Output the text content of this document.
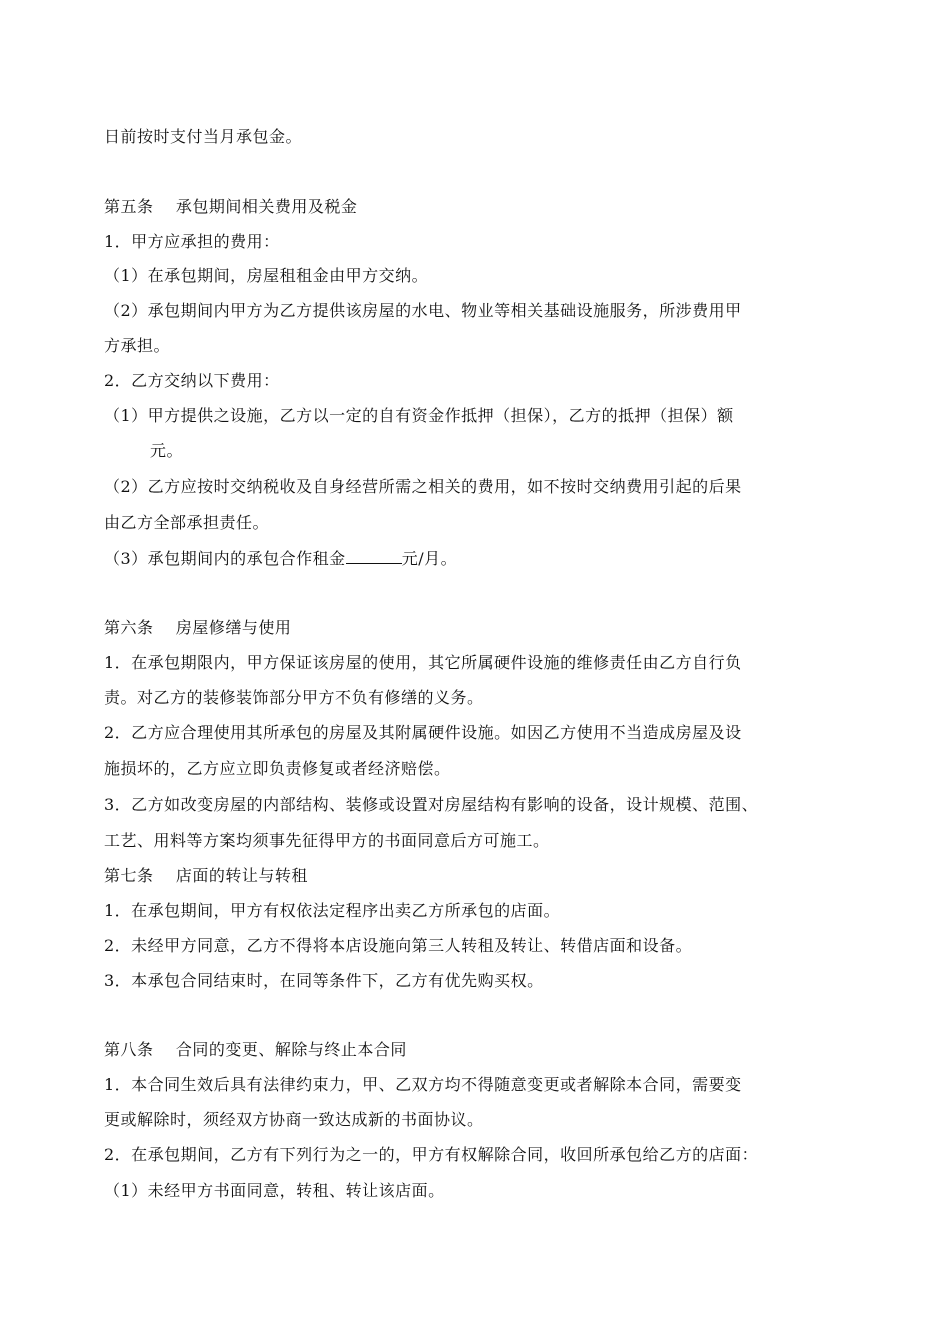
日前按时支付当月承包金。
第五条 承包期间相关费用及税金
1．甲方应承担的费用：
（1）在承包期间，房屋租租金由甲方交纳。
（2）承包期间内甲方为乙方提供该房屋的水电、物业等相关基础设施服务，所涉费用甲
方承担。
2．乙方交纳以下费用：
（1）甲方提供之设施，乙方以一定的自有资金作抵押（担保），乙方的抵押（担保）额
元。
（2）乙方应按时交纳税收及自身经营所需之相关的费用，如不按时交纳费用引起的后果
由乙方全部承担责任。
（3）承包期间内的承包合作租金	元/月。
第六条 房屋修缮与使用
1．在承包期限内，甲方保证该房屋的使用，其它所属硬件设施的维修责任由乙方自行负
责。对乙方的装修装饰部分甲方不负有修缮的义务。
2．乙方应合理使用其所承包的房屋及其附属硬件设施。如因乙方使用不当造成房屋及设
施损坏的，乙方应立即负责修复或者经济赔偿。
3．乙方如改变房屋的内部结构、装修或设置对房屋结构有影响的设备，设计规模、范围、
工艺、用料等方案均须事先征得甲方的书面同意后方可施工。
第七条 店面的转让与转租
1．在承包期间，甲方有权依法定程序出卖乙方所承包的店面。
2．未经甲方同意，乙方不得将本店设施向第三人转租及转让、转借店面和设备。
3．本承包合同结束时，在同等条件下，乙方有优先购买权。
第八条 合同的变更、解除与终止本合同
1．本合同生效后具有法律约束力，甲、乙双方均不得随意变更或者解除本合同，需要变
更或解除时，须经双方协商一致达成新的书面协议。
2．在承包期间，乙方有下列行为之一的，甲方有权解除合同，收回所承包给乙方的店面：
（1）未经甲方书面同意，转租、转让该店面。
